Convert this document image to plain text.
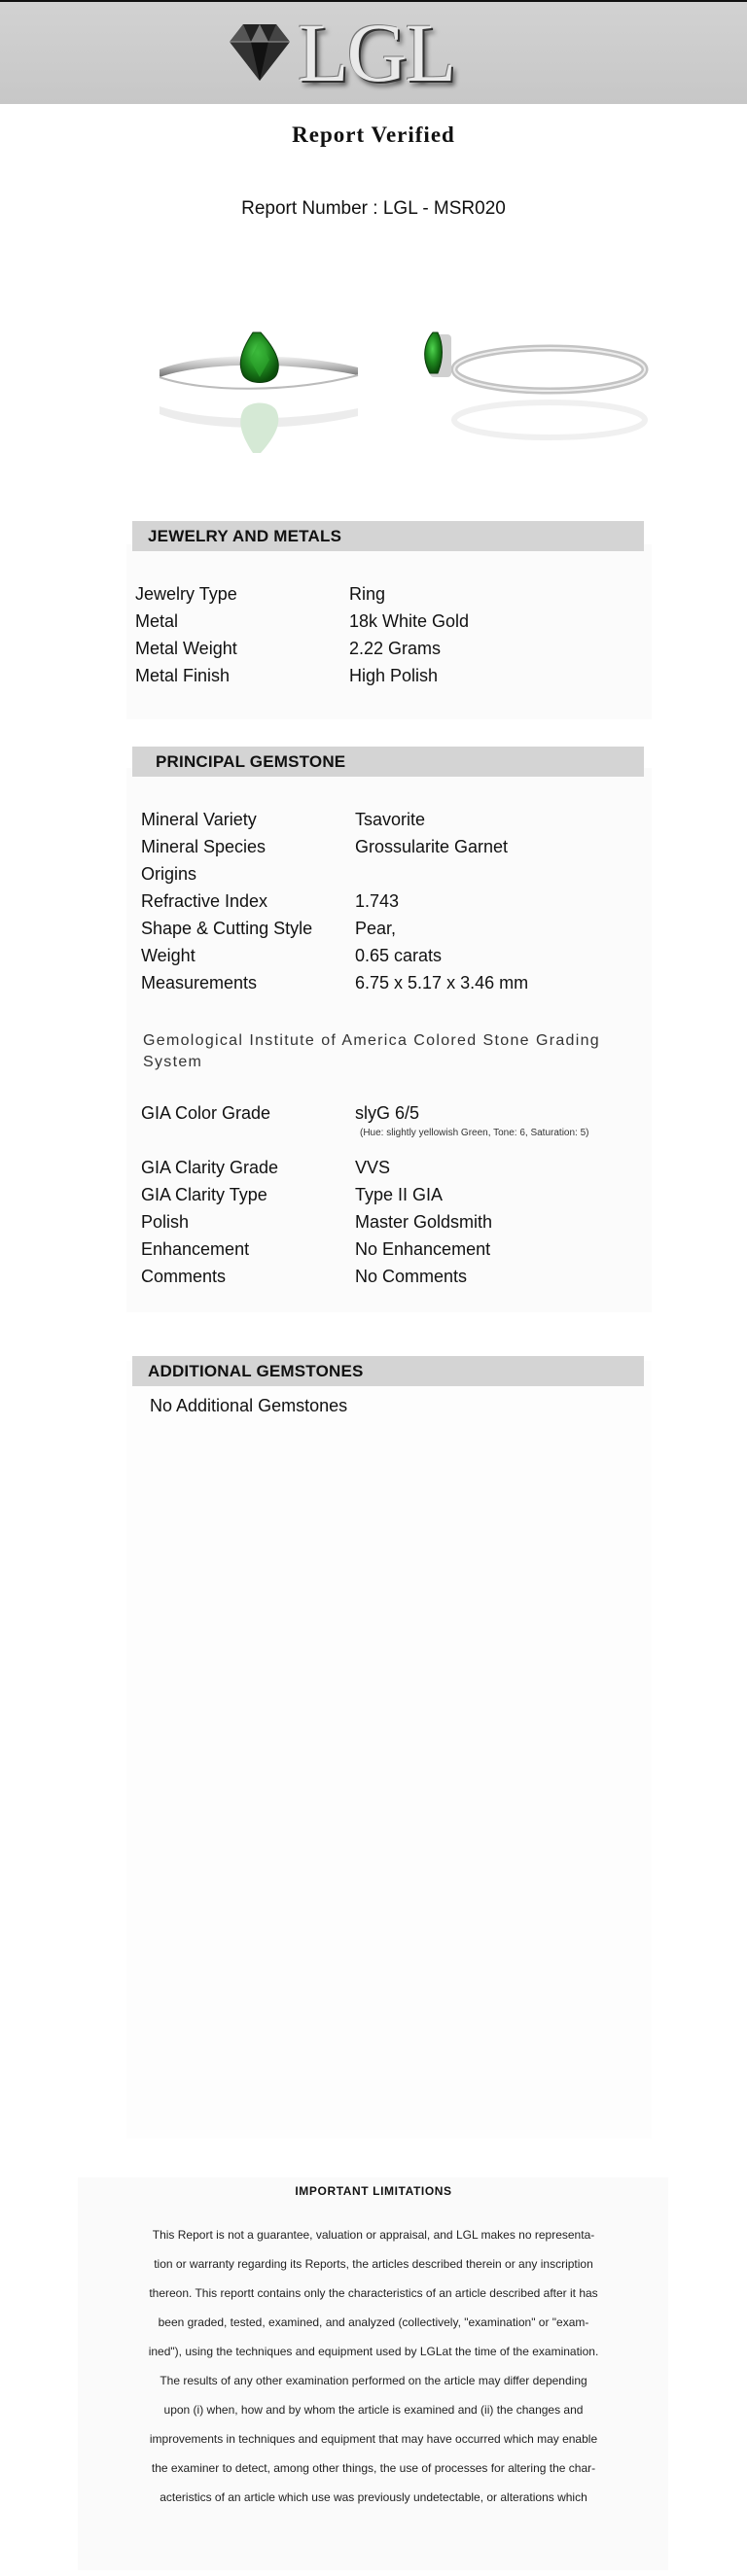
LGL
Report Verified
Report Number : LGL - MSR020
JEWELRY AND METALS
Jewelry Type	Ring
Metal	18k White Gold
Metal Weight	2.22 Grams
Metal Finish	High Polish
PRINCIPAL GEMSTONE
Mineral Variety	Tsavorite
Mineral Species	Grossularite Garnet
Origins
Refractive Index	1.743
Shape & Cutting Style	Pear,
Weight	0.65 carats
Measurements	6.75 x 5.17 x 3.46 mm
Gemological Institute of America Colored Stone Grading System
GIA Color Grade	slyG 6/5
(Hue: slightly yellowish Green, Tone: 6, Saturation: 5)
GIA Clarity Grade	VVS
GIA Clarity Type	Type II GIA
Polish	Master Goldsmith
Enhancement	No Enhancement
Comments	No Comments
ADDITIONAL GEMSTONES
No Additional Gemstones
IMPORTANT LIMITATIONS
This Report is not a guarantee, valuation or appraisal, and LGL makes no representa-
tion or warranty regarding its Reports, the articles described therein or any inscription
thereon. This reportt contains only the characteristics of an article described after it has
been graded, tested, examined, and analyzed (collectively, "examination" or "exam-
ined"), using the techniques and equipment used by LGLat the time of the examination.
The results of any other examination performed on the article may differ depending
upon (i) when, how and by whom the article is examined and (ii) the changes and
improvements in techniques and equipment that may have occurred which may enable
the examiner to detect, among other things, the use of processes for altering the char-
acteristics of an article which use was previously undetectable, or alterations which
